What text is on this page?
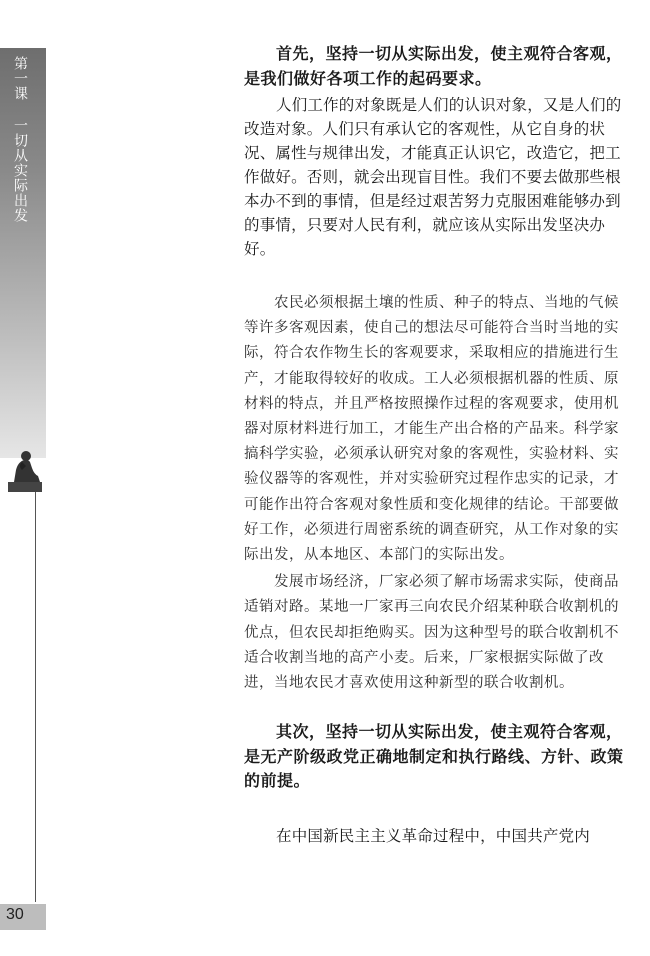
第一课 一切从实际出发
30

首先，坚持一切从实际出发，使主观符合客观，是我们做好各项工作的起码要求。

人们工作的对象既是人们的认识对象，又是人们的改造对象。人们只有承认它的客观性，从它自身的状况、属性与规律出发，才能真正认识它，改造它，把工作做好。否则，就会出现盲目性。我们不要去做那些根本办不到的事情，但是经过艰苦努力克服困难能够办到的事情，只要对人民有利，就应该从实际出发坚决办好。

农民必须根据土壤的性质、种子的特点、当地的气候等许多客观因素，使自己的想法尽可能符合当时当地的实际，符合农作物生长的客观要求，采取相应的措施进行生产，才能取得较好的收成。工人必须根据机器的性质、原材料的特点，并且严格按照操作过程的客观要求，使用机器对原材料进行加工，才能生产出合格的产品来。科学家搞科学实验，必须承认研究对象的客观性，实验材料、实验仪器等的客观性，并对实验研究过程作忠实的记录，才可能作出符合客观对象性质和变化规律的结论。干部要做好工作，必须进行周密系统的调查研究，从工作对象的实际出发，从本地区、本部门的实际出发。

发展市场经济，厂家必须了解市场需求实际，使商品适销对路。某地一厂家再三向农民介绍某种联合收割机的优点，但农民却拒绝购买。因为这种型号的联合收割机不适合收割当地的高产小麦。后来，厂家根据实际做了改进，当地农民才喜欢使用这种新型的联合收割机。

其次，坚持一切从实际出发，使主观符合客观，是无产阶级政党正确地制定和执行路线、方针、政策的前提。

在中国新民主主义革命过程中，中国共产党内
